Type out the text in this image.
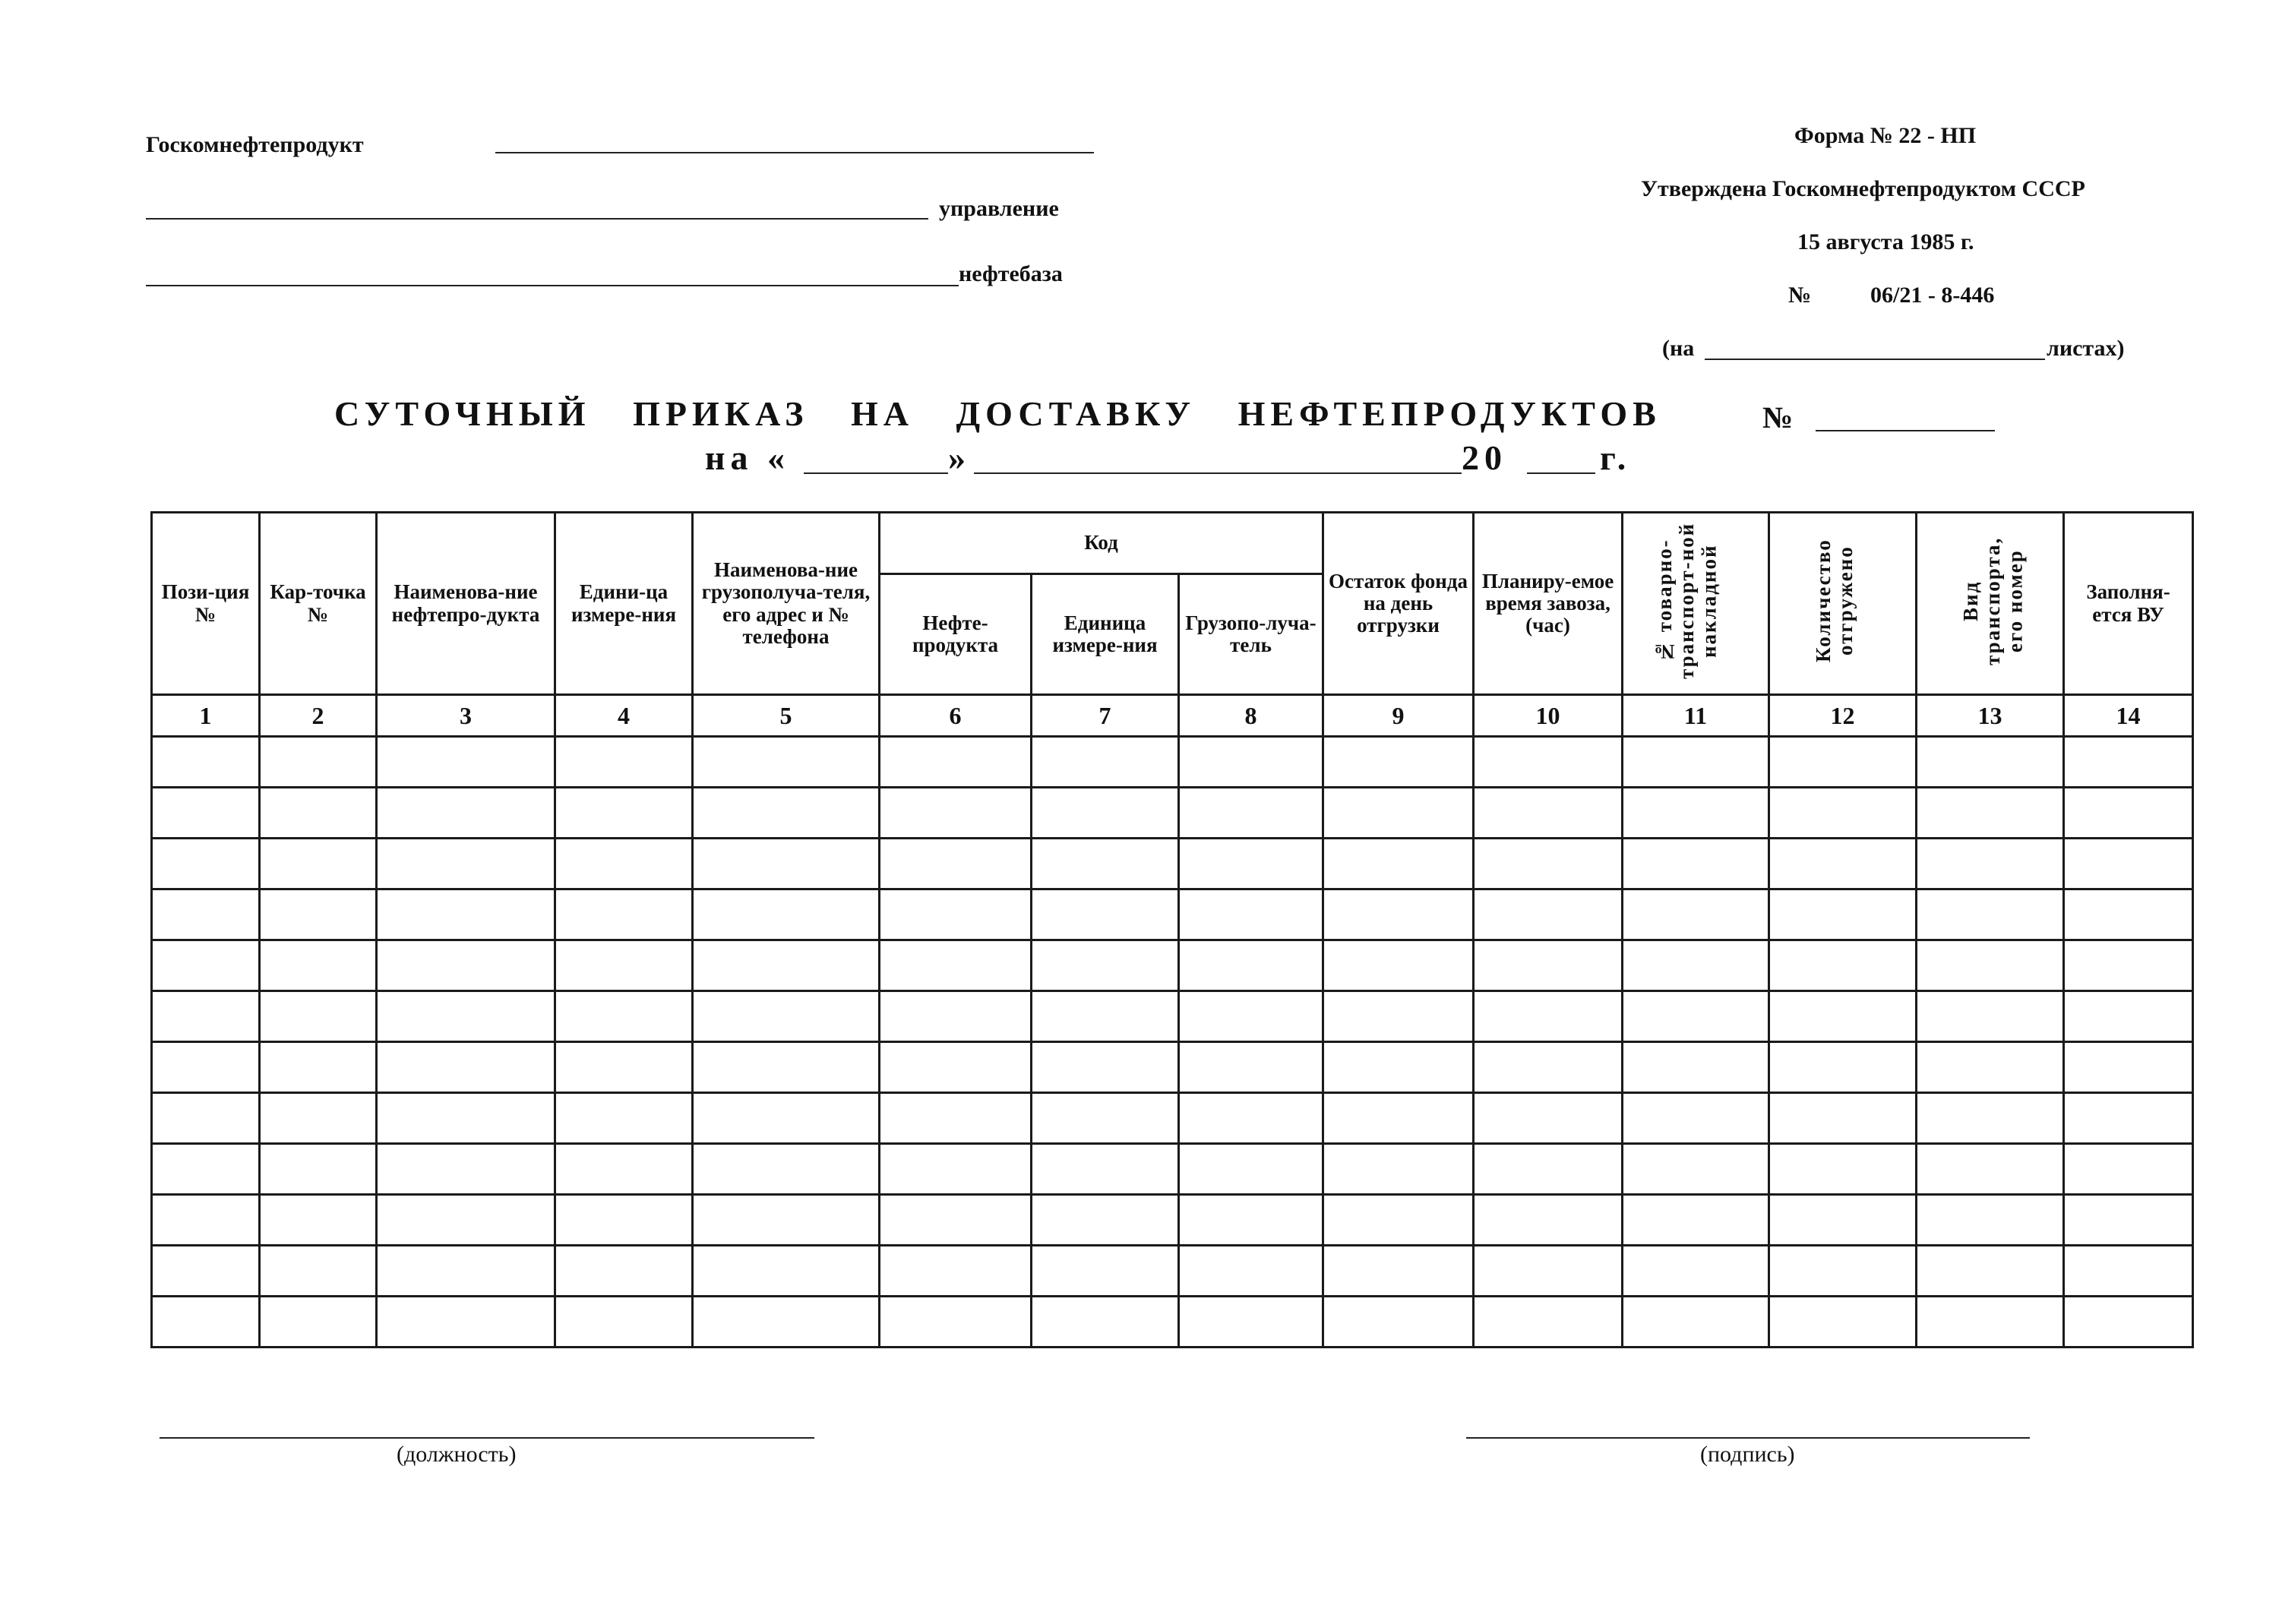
Госкомнефтепродукт
управление
нефтебаза
Форма № 22 - НП
Утверждена Госкомнефтепродуктом СССР
15 августа 1985 г.
№	06/21 - 8-446
(на	листах)
СУТОЧНЫЙ   ПРИКАЗ   НА   ДОСТАВКУ   НЕФТЕПРОДУКТОВ	№
на «	»	20	г.
Пози-ция №	Кар-точка №	Наименова-ние нефтепро-дукта	Едини-ца измере-ния	Наименова-ние грузополуча-теля, его адрес и № телефона	Код			Остаток фонда на день отгрузки	Планиру-емое время завоза, (час)	№ товарно-транспорт-ной накладной	Количество отгружено	Вид транспорта, его номер	Заполня-ется ВУ
					Нефте-продукта	Единица измере-ния	Грузопо-луча-тель						
1	2	3	4	5	6	7	8	9	10	11	12	13	14

(должность)	(подпись)
